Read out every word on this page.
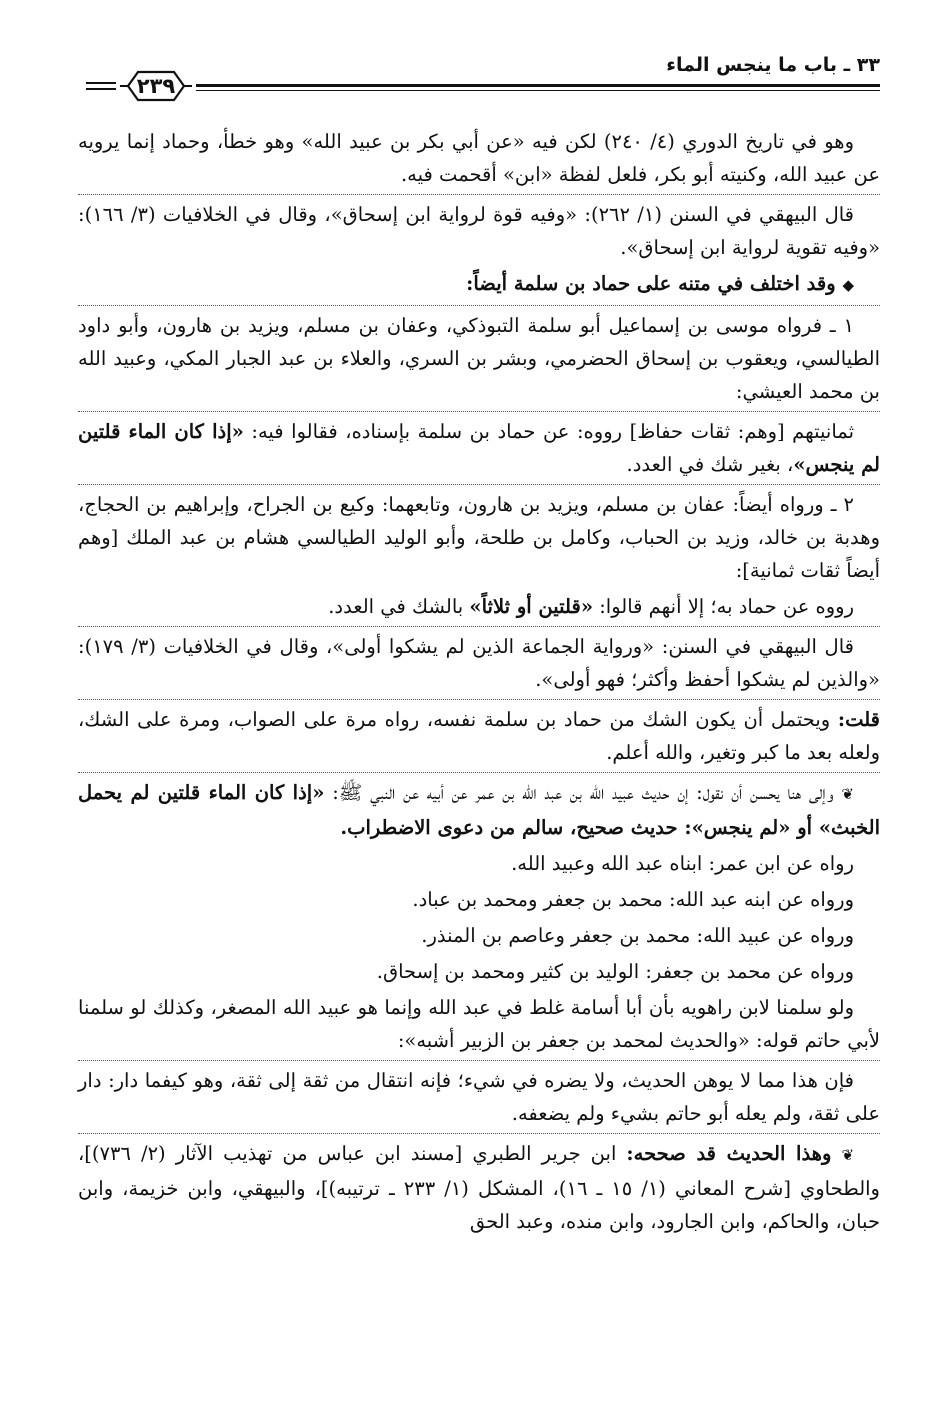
٣٣ ـ باب ما ينجس الماء
٢٣٩

وهو في تاريخ الدوري (٤/ ٢٤٠) لكن فيه «عن أبي بكر بن عبيد الله» وهو خطأ، وحماد إنما يرويه عن عبيد الله، وكنيته أبو بكر، فلعل لفظة «ابن» أقحمت فيه.

قال البيهقي في السنن (١/ ٢٦٢): «وفيه قوة لرواية ابن إسحاق»، وقال في الخلافيات (٣/ ١٦٦): «وفيه تقوية لرواية ابن إسحاق».

◆ وقد اختلف في متنه على حماد بن سلمة أيضاً:

١ ـ فرواه موسى بن إسماعيل أبو سلمة التبوذكي، وعفان بن مسلم، ويزيد بن هارون، وأبو داود الطيالسي، ويعقوب بن إسحاق الحضرمي، وبشر بن السري، والعلاء بن عبد الجبار المكي، وعبيد الله بن محمد العيشي:

ثمانيتهم [وهم: ثقات حفاظ] رووه: عن حماد بن سلمة بإسناده، فقالوا فيه: «إذا كان الماء قلتين لم ينجس»، بغير شك في العدد.

٢ ـ ورواه أيضاً: عفان بن مسلم، ويزيد بن هارون، وتابعهما: وكيع بن الجراح، وإبراهيم بن الحجاج، وهدبة بن خالد، وزيد بن الحباب، وكامل بن طلحة، وأبو الوليد الطيالسي هشام بن عبد الملك [وهم أيضاً ثقات ثمانية]:

رووه عن حماد به؛ إلا أنهم قالوا: «قلتين أو ثلاثاً» بالشك في العدد.

قال البيهقي في السنن: «ورواية الجماعة الذين لم يشكوا أولى»، وقال في الخلافيات (٣/ ١٧٩): «والذين لم يشكوا أحفظ وأكثر؛ فهو أولى».

قلت: ويحتمل أن يكون الشك من حماد بن سلمة نفسه، رواه مرة على الصواب، ومرة على الشك، ولعله بعد ما كبر وتغير، والله أعلم.

❦ وإلى هنا يحسن أن نقول: إن حديث عبيد الله بن عبد الله بن عمر عن أبيه عن النبي ﷺ: «إذا كان الماء قلتين لم يحمل الخبث» أو «لم ينجس»: حديث صحيح، سالم من دعوى الاضطراب.

رواه عن ابن عمر: ابناه عبد الله وعبيد الله.

ورواه عن ابنه عبد الله: محمد بن جعفر ومحمد بن عباد.

ورواه عن عبيد الله: محمد بن جعفر وعاصم بن المنذر.

ورواه عن محمد بن جعفر: الوليد بن كثير ومحمد بن إسحاق.

ولو سلمنا لابن راهويه بأن أبا أسامة غلط في عبد الله وإنما هو عبيد الله المصغر، وكذلك لو سلمنا لأبي حاتم قوله: «والحديث لمحمد بن جعفر بن الزبير أشبه»:

فإن هذا مما لا يوهن الحديث، ولا يضره في شيء؛ فإنه انتقال من ثقة إلى ثقة، وهو كيفما دار: دار على ثقة، ولم يعله أبو حاتم بشيء ولم يضعفه.

❦ وهذا الحديث قد صححه: ابن جرير الطبري [مسند ابن عباس من تهذيب الآثار (٢/ ٧٣٦)]، والطحاوي [شرح المعاني (١/ ١٥ ـ ١٦)، المشكل (١/ ٢٣٣ ـ ترتيبه)]، والبيهقي، وابن خزيمة، وابن حبان، والحاكم، وابن الجارود، وابن منده، وعبد الحق
